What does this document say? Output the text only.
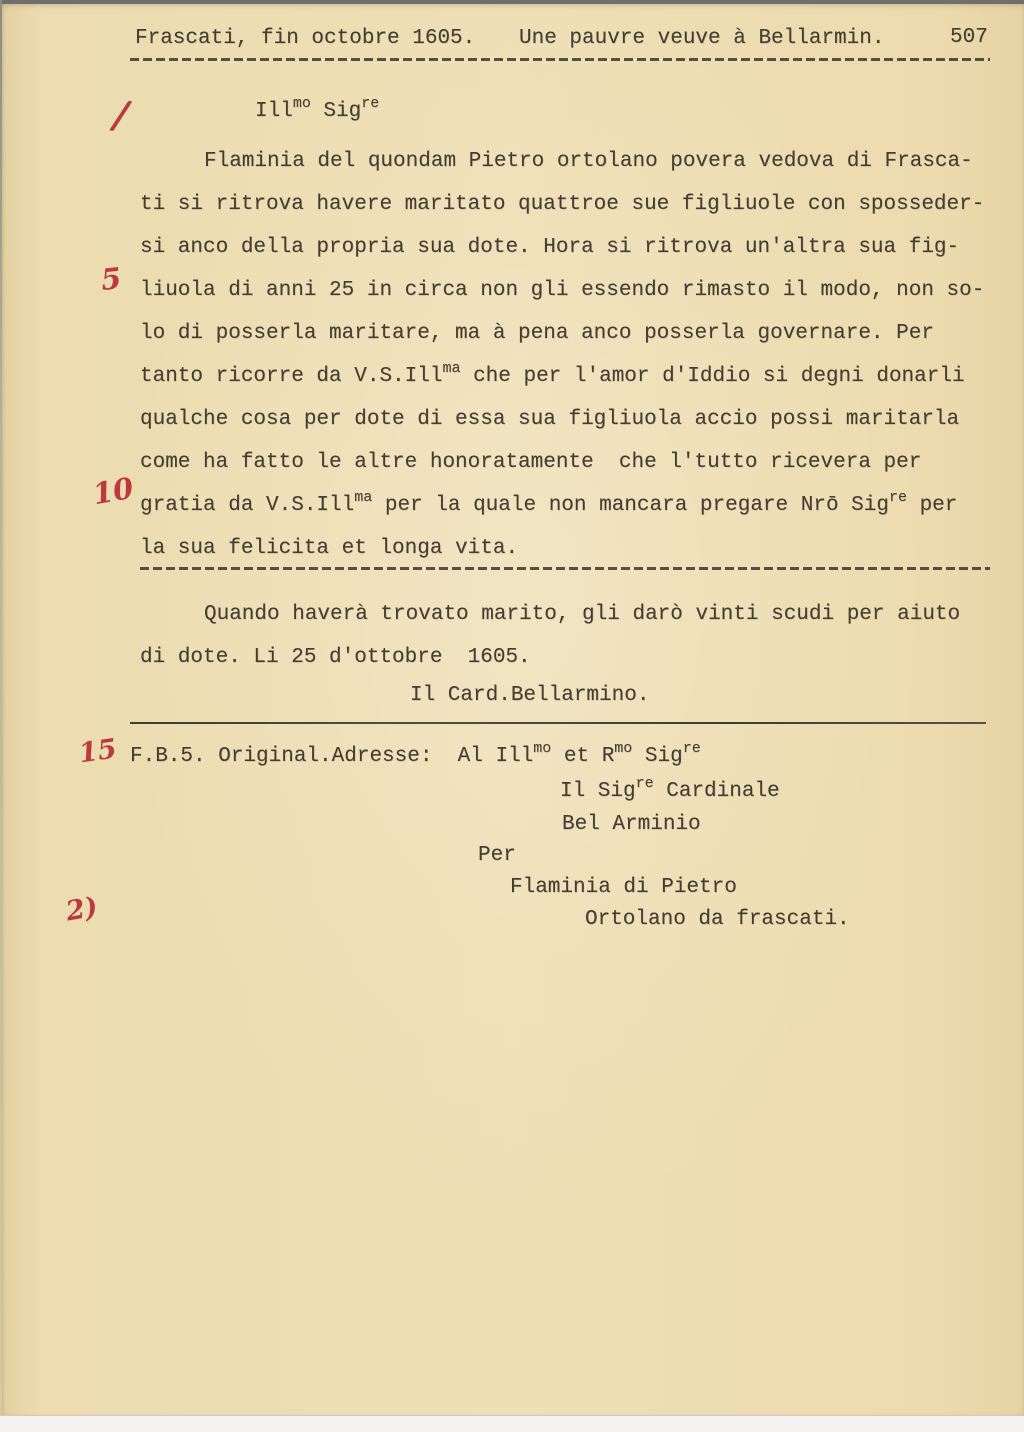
Frascati, fin octobre 1605. Une pauvre veuve à Bellarmin.	507
/
5
10
15
2)
Illmo Sigre
Flaminia del quondam Pietro ortolano povera vedova di Frasca-
ti si ritrova havere maritato quattroe sue figliuole con sposseder-
si anco della propria sua dote. Hora si ritrova un'altra sua fig-
liuola di anni 25 in circa non gli essendo rimasto il modo, non so-
lo di posserla maritare, ma à pena anco posserla governare. Per
tanto ricorre da V.S.Illma che per l'amor d'Iddio si degni donarli
qualche cosa per dote di essa sua figliuola accio possi maritarla
come ha fatto le altre honoratamente  che l'tutto ricevera per
gratia da V.S.Illma per la quale non mancara pregare Nrō Sigre per
la sua felicita et longa vita.
Quando haverà trovato marito, gli darò vinti scudi per aiuto
di dote. Li 25 d'ottobre  1605.
Il Card.Bellarmino.
F.B.5. Original.Adresse:  Al Illmo et Rmo Sigre
Il Sigre Cardinale
Bel Arminio
Per
Flaminia di Pietro
Ortolano da frascati.
